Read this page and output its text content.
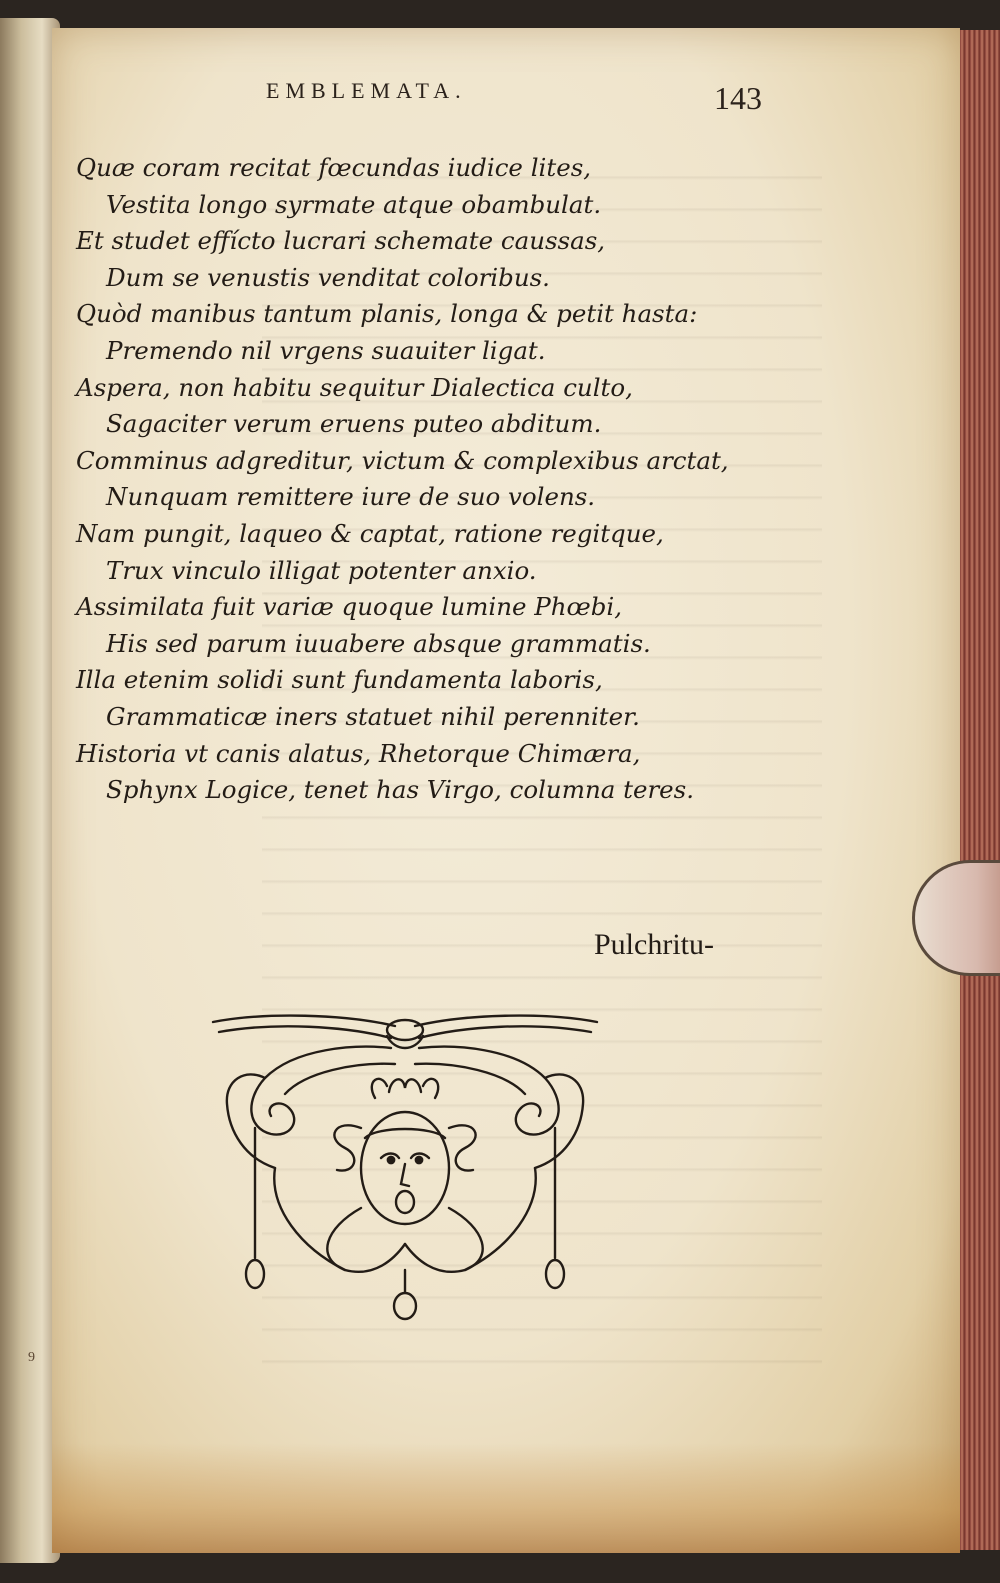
EMBLEMATA.	143
Quæ coram recitat fœcundas iudice lites,
Vestita longo syrmate atque obambulat.
Et studet effícto lucrari schemate caussas,
Dum se venustis venditat coloribus.
Quòd manibus tantum planis, longa & petit hasta:
Premendo nil vrgens suauiter ligat.
Aspera, non habitu sequitur Dialectica culto,
Sagaciter verum eruens puteo abditum.
Comminus adgreditur, victum & complexibus arctat,
Nunquam remittere iure de suo volens.
Nam pungit, laqueo & captat, ratione regitque,
Trux vinculo illigat potenter anxio.
Assimilata fuit variæ quoque lumine Phœbi,
His sed parum iuuabere absque grammatis.
Illa etenim solidi sunt fundamenta laboris,
Grammaticæ iners statuet nihil perenniter.
Historia vt canis alatus, Rhetorque Chimæra,
Sphynx Logice, tenet has Virgo, columna teres.
Pulchritu-
9
